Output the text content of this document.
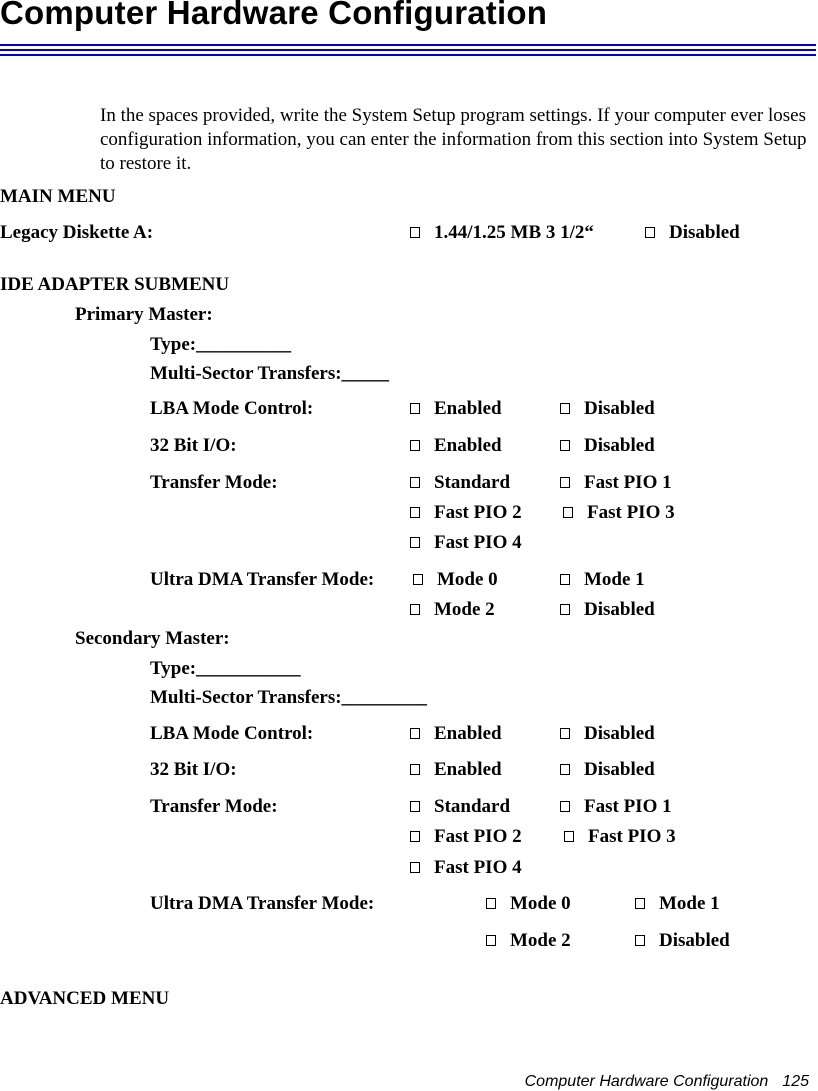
Computer Hardware Configuration
In the spaces provided, write the System Setup program settings. If your computer ever loses configuration information, you can enter the information from this section into System Setup to restore it.
MAIN MENU
Legacy Diskette A:	1.44/1.25 MB 3 1/2“	Disabled
IDE ADAPTER SUBMENU
Primary Master:
Type:__________
Multi-Sector Transfers:_____
LBA Mode Control:	Enabled	Disabled
32 Bit I/O:	Enabled	Disabled
Transfer Mode:	Standard	Fast PIO 1
Fast PIO 2	Fast PIO 3
Fast PIO 4
Ultra DMA Transfer Mode:	Mode 0	Mode 1
Mode 2	Disabled
Secondary Master:
Type:___________
Multi-Sector Transfers:_________
LBA Mode Control:	Enabled	Disabled
32 Bit I/O:	Enabled	Disabled
Transfer Mode:	Standard	Fast PIO 1
Fast PIO 2	Fast PIO 3
Fast PIO 4
Ultra DMA Transfer Mode:	Mode 0	Mode 1
Mode 2	Disabled
ADVANCED MENU
Computer Hardware Configuration 125
